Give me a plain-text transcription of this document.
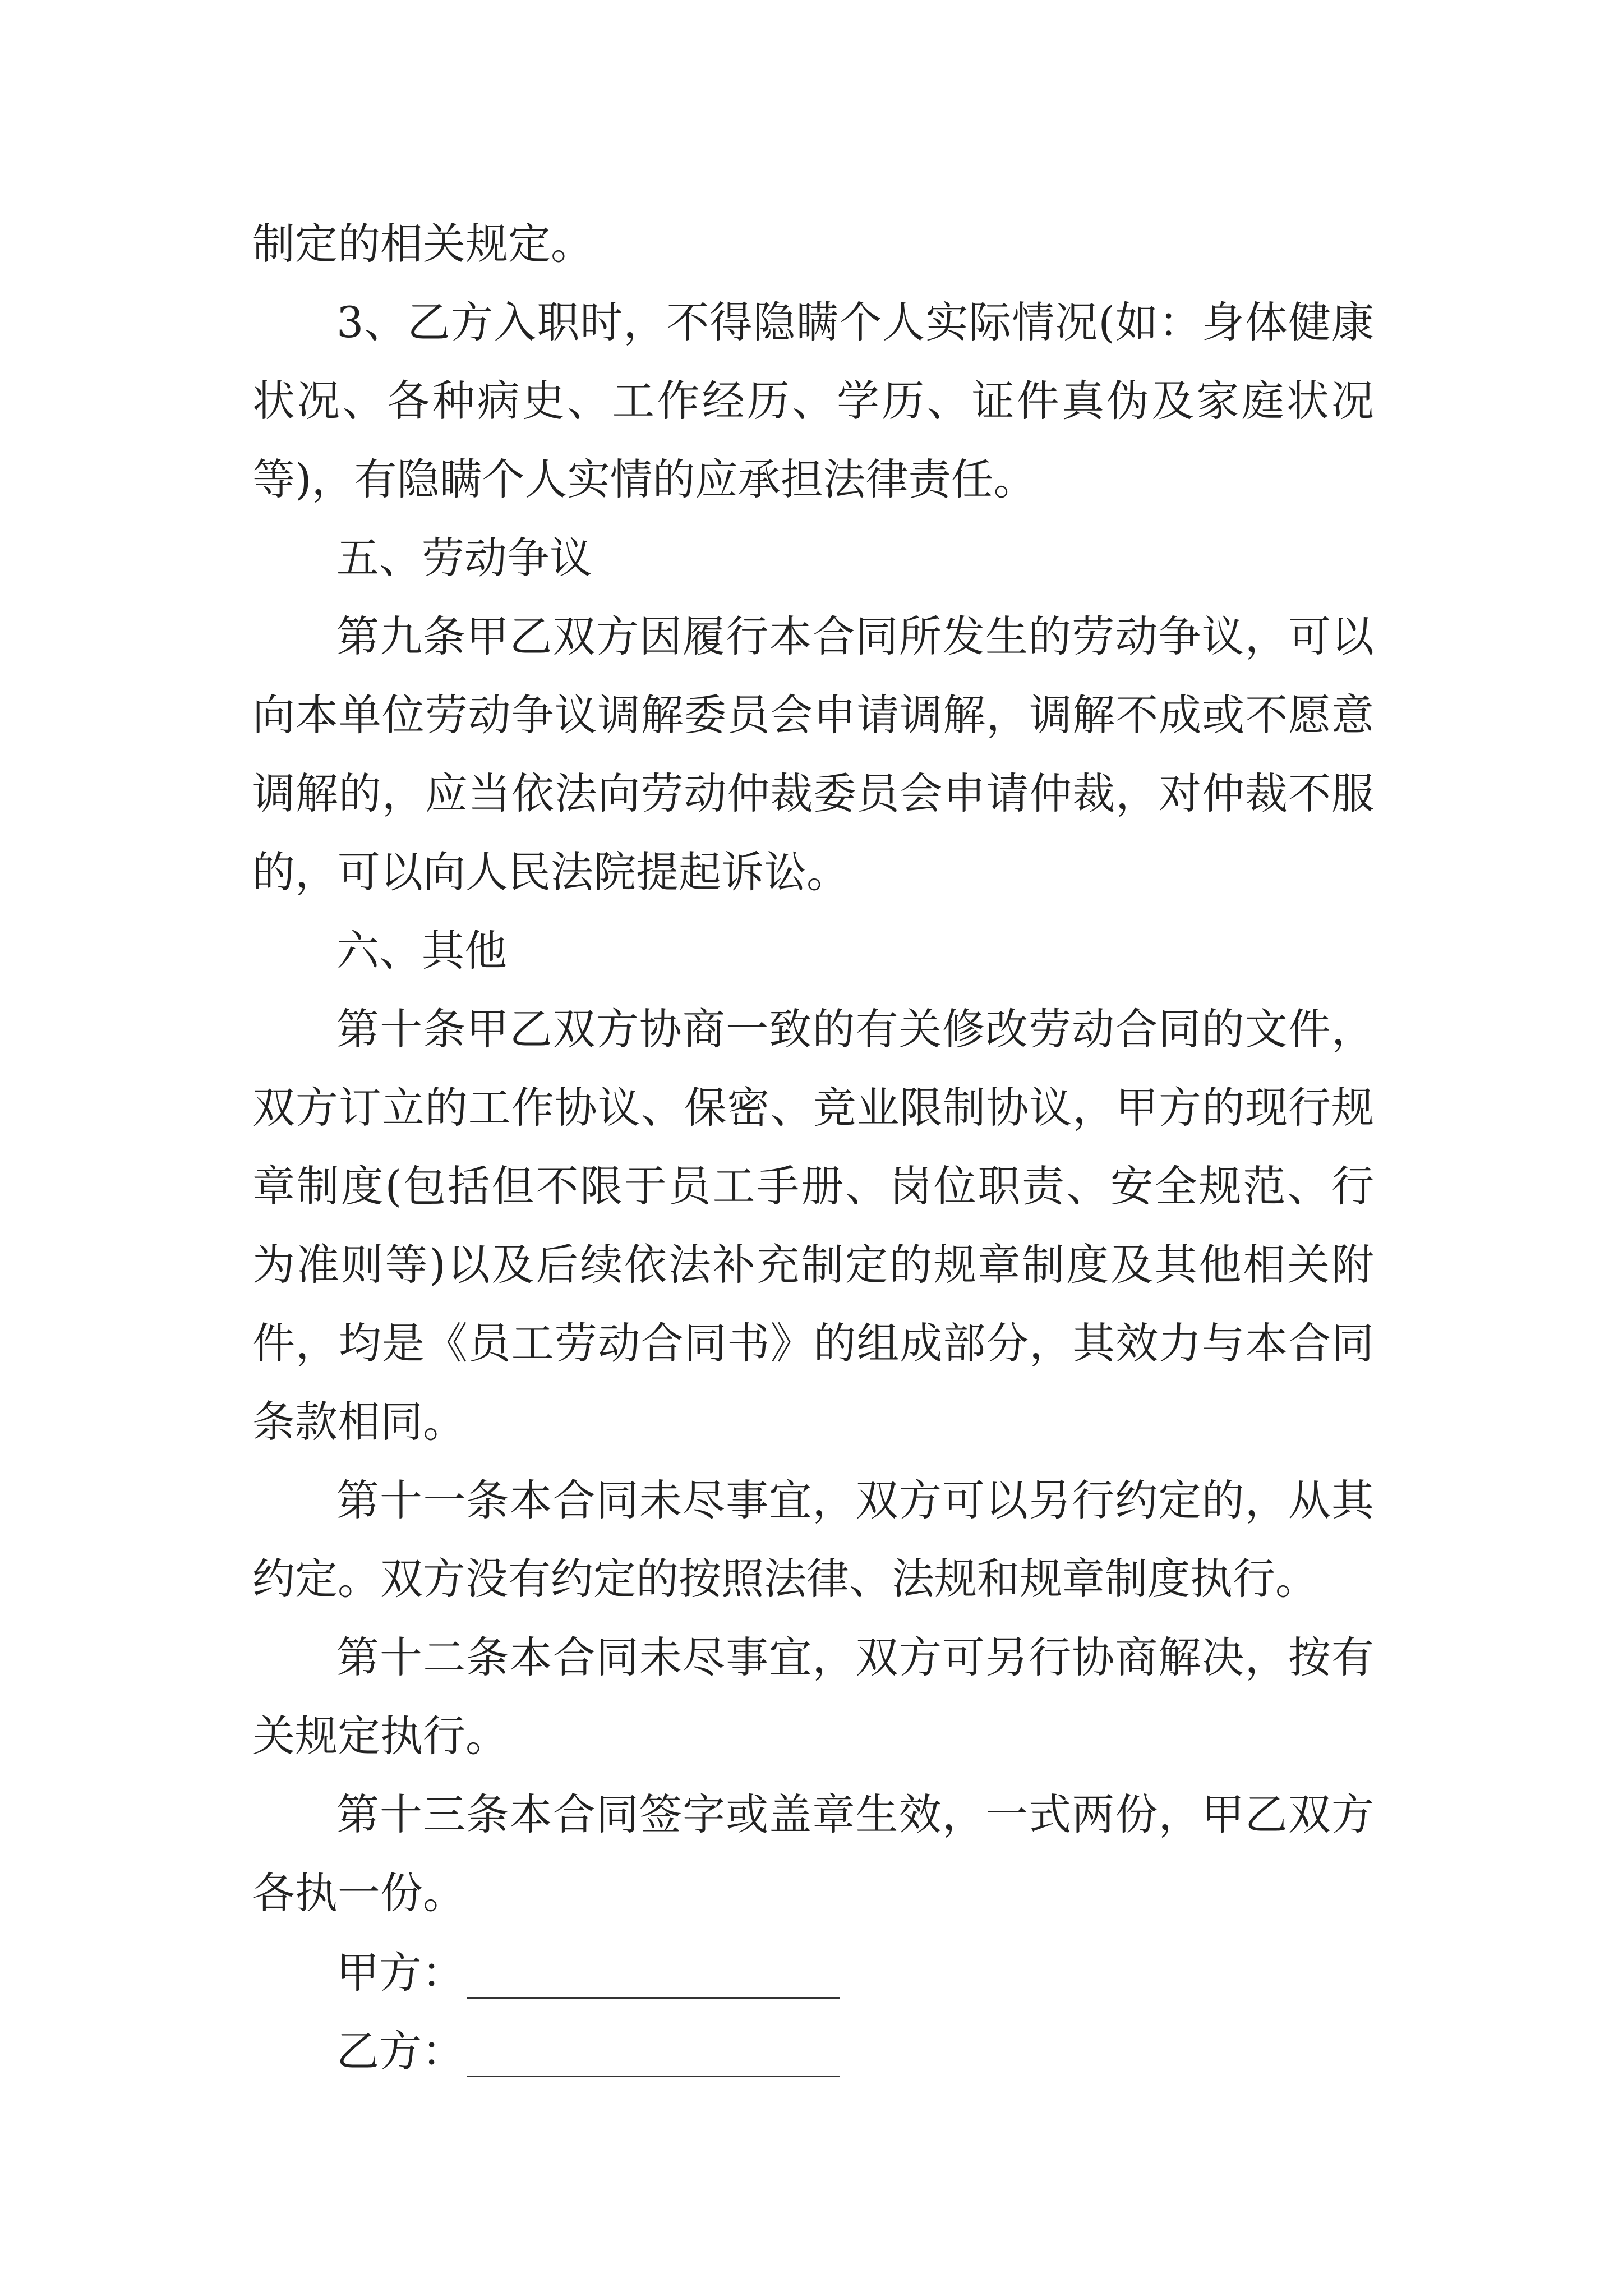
制定的相关规定。

3、乙方入职时，不得隐瞒个人实际情况(如：身体健康

状况、各种病史、工作经历、学历、证件真伪及家庭状况

等)，有隐瞒个人实情的应承担法律责任。

五、劳动争议

第九条甲乙双方因履行本合同所发生的劳动争议，可以

向本单位劳动争议调解委员会申请调解，调解不成或不愿意

调解的，应当依法向劳动仲裁委员会申请仲裁，对仲裁不服

的，可以向人民法院提起诉讼。

六、其他

第十条甲乙双方协商一致的有关修改劳动合同的文件，

双方订立的工作协议、保密、竞业限制协议，甲方的现行规

章制度(包括但不限于员工手册、岗位职责、安全规范、行

为准则等)以及后续依法补充制定的规章制度及其他相关附

件，均是《员工劳动合同书》的组成部分，其效力与本合同

条款相同。

第十一条本合同未尽事宜，双方可以另行约定的，从其

约定。双方没有约定的按照法律、法规和规章制度执行。

第十二条本合同未尽事宜，双方可另行协商解决，按有

关规定执行。

第十三条本合同签字或盖章生效，一式两份，甲乙双方

各执一份。

甲方：
乙方：
